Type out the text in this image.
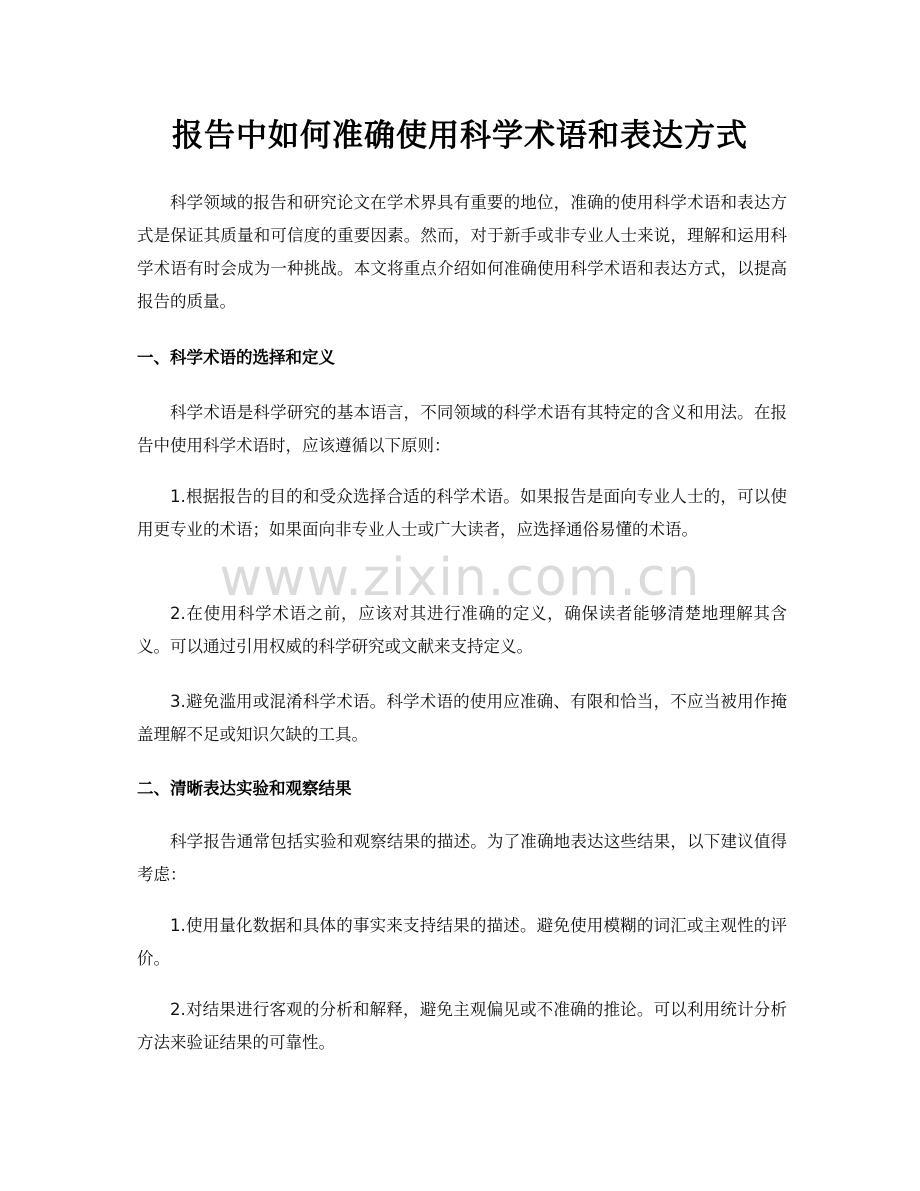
报告中如何准确使用科学术语和表达方式
科学领域的报告和研究论文在学术界具有重要的地位，准确的使用科学术语和表达方式是保证其质量和可信度的重要因素。然而，对于新手或非专业人士来说，理解和运用科学术语有时会成为一种挑战。本文将重点介绍如何准确使用科学术语和表达方式，以提高报告的质量。
一、科学术语的选择和定义
科学术语是科学研究的基本语言，不同领域的科学术语有其特定的含义和用法。在报告中使用科学术语时，应该遵循以下原则：
1.根据报告的目的和受众选择合适的科学术语。如果报告是面向专业人士的，可以使用更专业的术语；如果面向非专业人士或广大读者，应选择通俗易懂的术语。
2.在使用科学术语之前，应该对其进行准确的定义，确保读者能够清楚地理解其含义。可以通过引用权威的科学研究或文献来支持定义。
3.避免滥用或混淆科学术语。科学术语的使用应准确、有限和恰当，不应当被用作掩盖理解不足或知识欠缺的工具。
二、清晰表达实验和观察结果
科学报告通常包括实验和观察结果的描述。为了准确地表达这些结果，以下建议值得考虑：
1.使用量化数据和具体的事实来支持结果的描述。避免使用模糊的词汇或主观性的评价。
2.对结果进行客观的分析和解释，避免主观偏见或不准确的推论。可以利用统计分析方法来验证结果的可靠性。
www.zixin.com.cn
